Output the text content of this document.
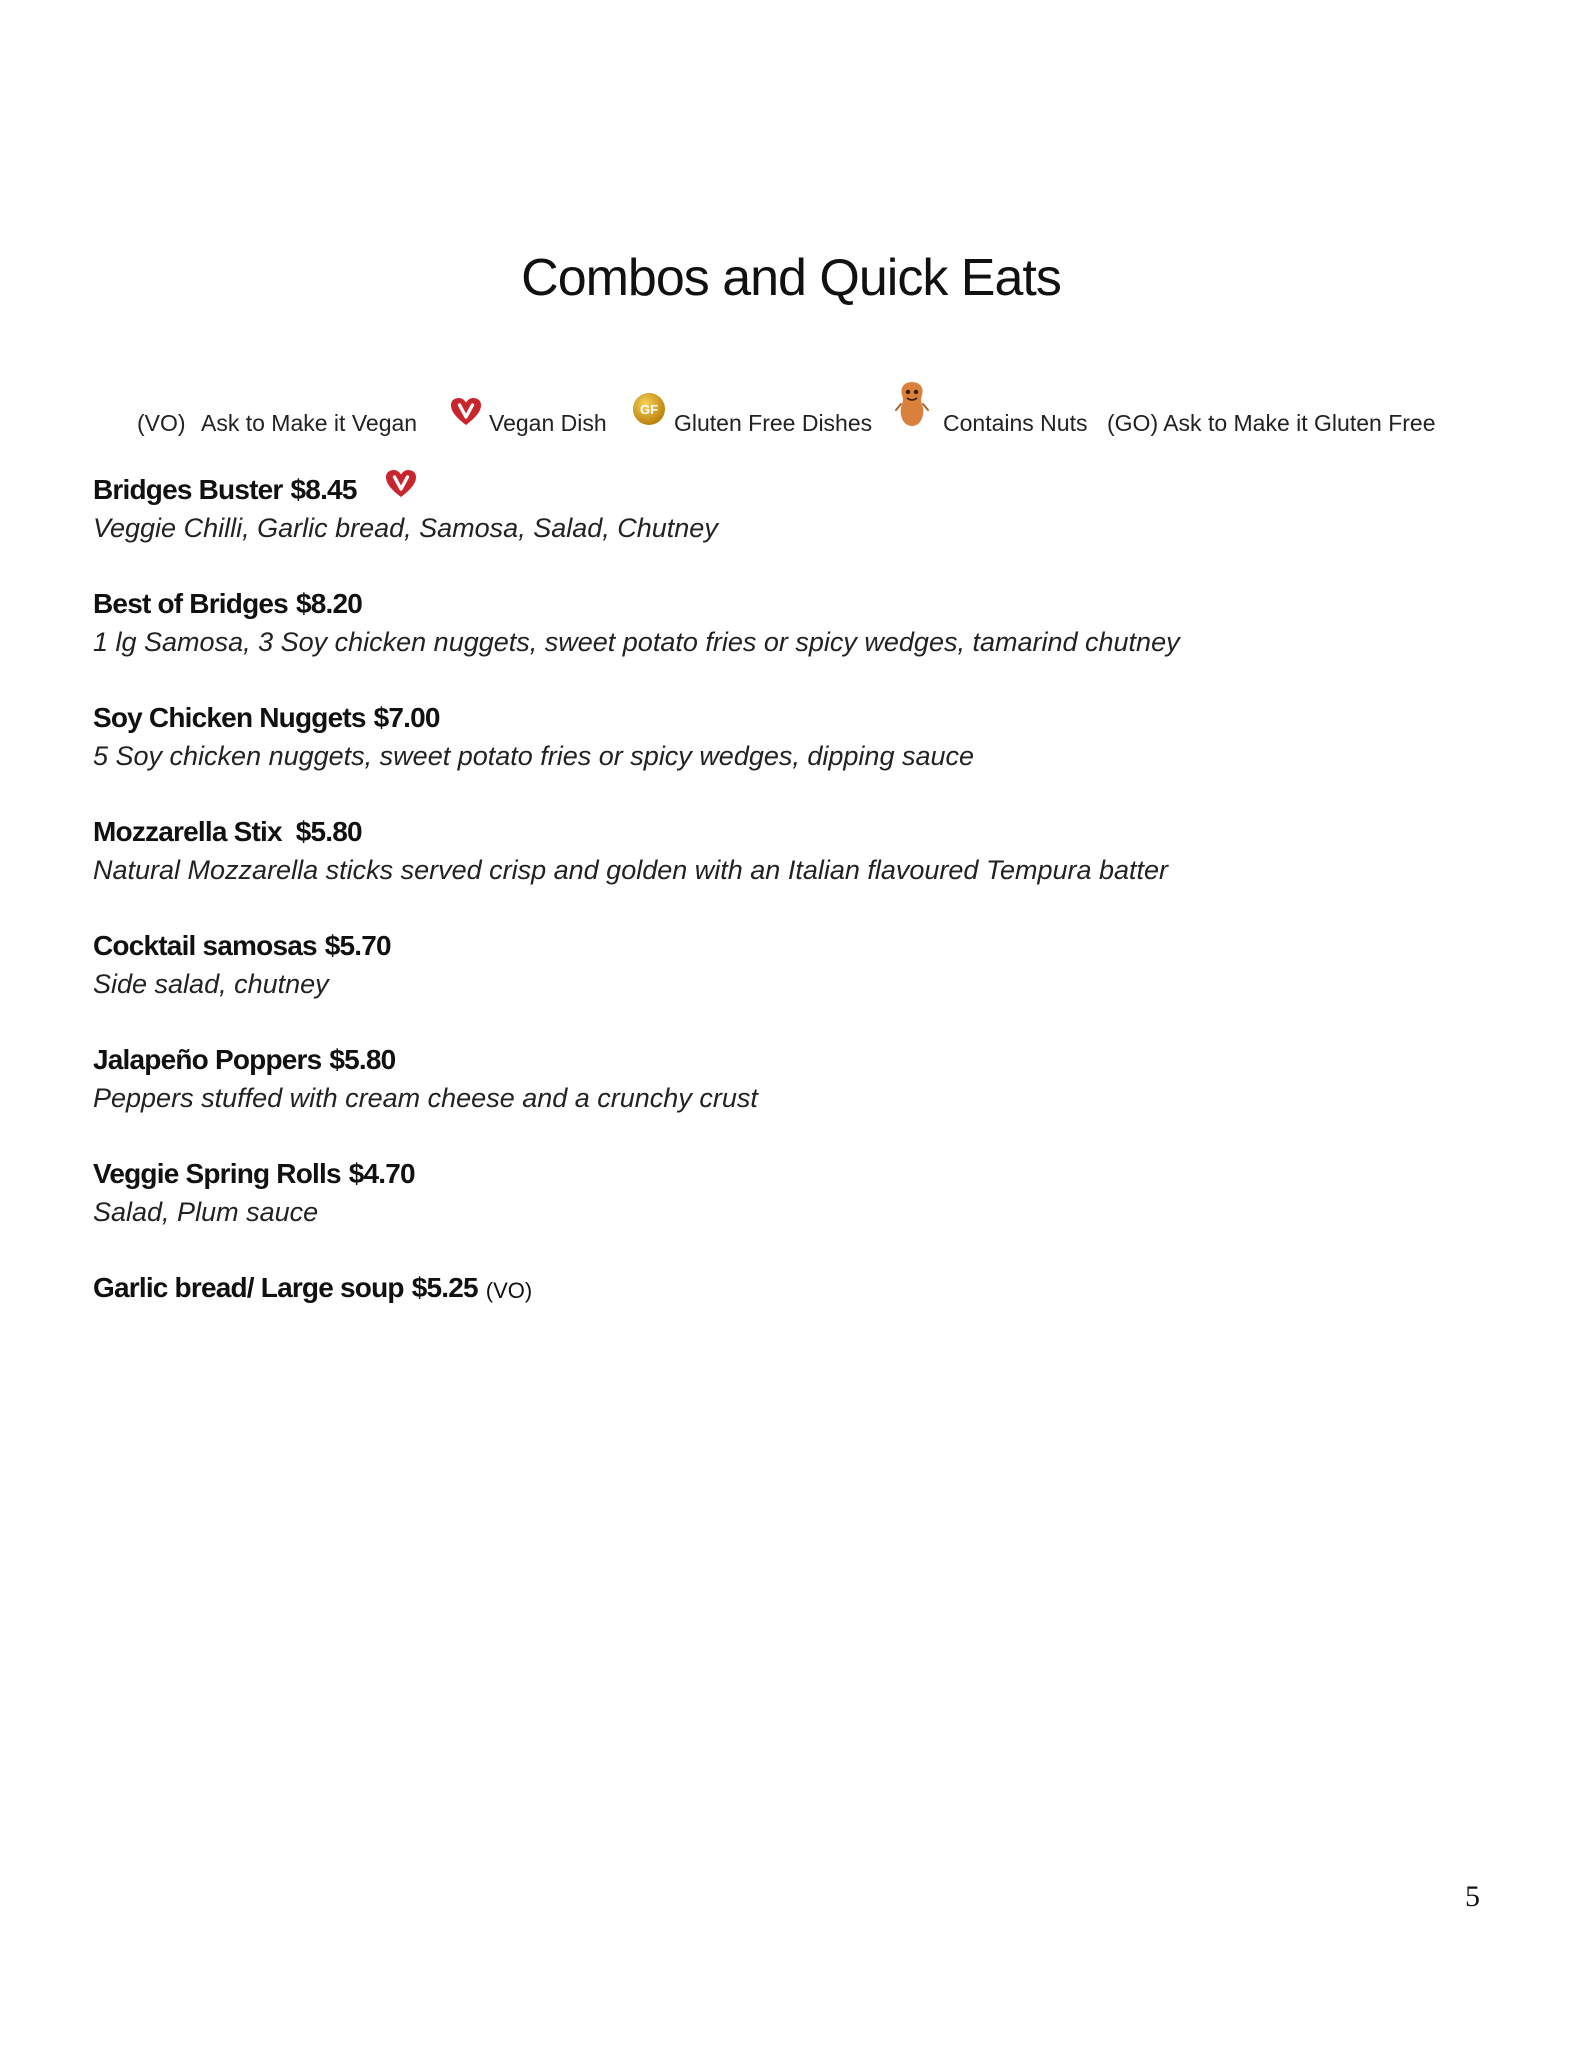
Combos and Quick Eats
(VO) Ask to Make it Vegan	Vegan Dish
GF
Gluten Free Dishes	Contains Nuts (GO) Ask to Make it Gluten Free
Bridges Buster $8.45
Veggie Chilli, Garlic bread, Samosa, Salad, Chutney
Best of Bridges $8.20
1 lg Samosa, 3 Soy chicken nuggets, sweet potato fries or spicy wedges, tamarind chutney
Soy Chicken Nuggets $7.00
5 Soy chicken nuggets, sweet potato fries or spicy wedges, dipping sauce
Mozzarella Stix $5.80
Natural Mozzarella sticks served crisp and golden with an Italian flavoured Tempura batter
Cocktail samosas $5.70
Side salad, chutney
Jalapeño Poppers $5.80
Peppers stuffed with cream cheese and a crunchy crust
Veggie Spring Rolls $4.70
Salad, Plum sauce
Garlic bread/ Large soup $5.25 (VO)
5
